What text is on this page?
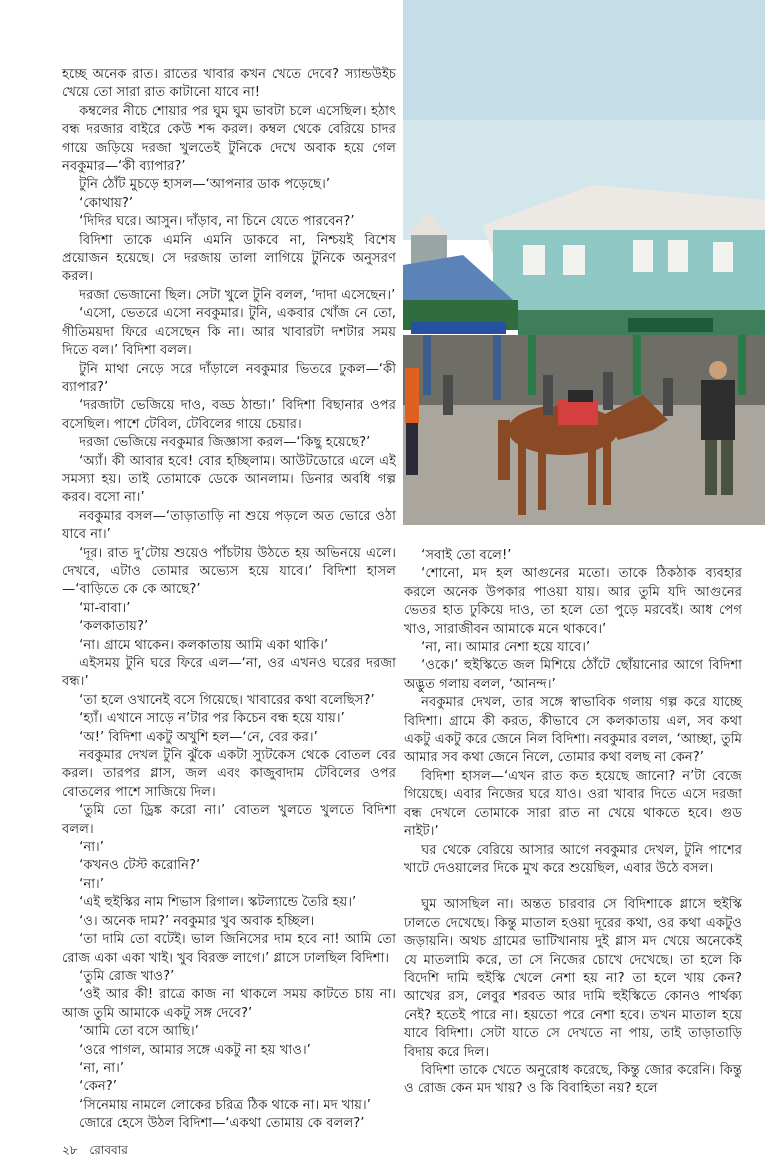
হচ্ছে অনেক রাত। রাতের খাবার কখন খেতে দেবে? স্যান্ডউইচ খেয়ে তো সারা রাত কাটানো যাবে না!

কম্বলের নীচে শোয়ার পর ঘুম ঘুম ভাবটা চলে এসেছিল। হঠাৎ বন্ধ দরজার বাইরে কেউ শব্দ করল। কম্বল থেকে বেরিয়ে চাদর গায়ে জড়িয়ে দরজা খুলতেই টুনিকে দেখে অবাক হয়ে গেল নবকুমার—‘কী ব্যাপার?’

টুনি ঠোঁট মুচড়ে হাসল—‘আপনার ডাক পড়েছে।’

‘কোথায়?’

‘দিদির ঘরে। আসুন। দাঁড়াব, না চিনে যেতে পারবেন?’

বিদিশা তাকে এমনি এমনি ডাকবে না, নিশ্চয়ই বিশেষ প্রয়োজন হয়েছে। সে দরজায় তালা লাগিয়ে টুনিকে অনুসরণ করল।

দরজা ভেজানো ছিল। সেটা খুলে টুনি বলল, ‘দাদা এসেছেন।’

‘এসো, ভেতরে এসো নবকুমার। টুনি, একবার খোঁজ নে তো, গীতিময়দা ফিরে এসেছেন কি না। আর খাবারটা দশটার সময় দিতে বল।’ বিদিশা বলল।

টুনি মাথা নেড়ে সরে দাঁড়ালে নবকুমার ভিতরে ঢুকল—‘কী ব্যাপার?’

‘দরজাটা ভেজিয়ে দাও, বড্ড ঠান্ডা।’ বিদিশা বিছানার ওপর বসেছিল। পাশে টেবিল, টেবিলের গায়ে চেয়ার।

দরজা ভেজিয়ে নবকুমার জিজ্ঞাসা করল—‘কিছু হয়েছে?’

‘অ্যাঁ। কী আবার হবে! বোর হচ্ছিলাম। আউটডোরে এলে এই সমস্যা হয়। তাই তোমাকে ডেকে আনলাম। ডিনার অবধি গল্প করব। বসো না।’

নবকুমার বসল—‘তাড়াতাড়ি না শুয়ে পড়লে অত ভোরে ওঠা যাবে না।’

‘দূর। রাত দু’টোয় শুয়েও পাঁচটায় উঠতে হয় অভিনয়ে এলে। দেখবে, এটাও তোমার অভ্যেস হয়ে যাবে।’ বিদিশা হাসল—‘বাড়িতে কে কে আছে?’

‘মা-বাবা।’

‘কলকাতায়?’

‘না। গ্রামে থাকেন। কলকাতায় আমি একা থাকি।’

এইসময় টুনি ঘরে ফিরে এল—‘না, ওর এখনও ঘরের দরজা বন্ধ।’

‘তা হলে ওখানেই বসে গিয়েছে। খাবারের কথা বলেছিস?’

‘হ্যাঁ। এখানে সাড়ে ন’টার পর কিচেন বন্ধ হয়ে যায়।’

‘অ!’ বিদিশা একটু অখুশি হল—‘নে, বের কর।’

নবকুমার দেখল টুনি ঝুঁকে একটা স্যুটকেস থেকে বোতল বের করল। তারপর গ্লাস, জল এবং কাজুবাদাম টেবিলের ওপর বোতলের পাশে সাজিয়ে দিল।

‘তুমি তো ড্রিঙ্ক করো না।’ বোতল খুলতে খুলতে বিদিশা বলল।

‘না।’

‘কখনও টেস্ট করোনি?’

‘না।’

‘এই হুইস্কির নাম শিভাস রিগাল। স্কটল্যান্ডে তৈরি হয়।’

‘ও। অনেক দাম?’ নবকুমার খুব অবাক হচ্ছিল।

‘তা দামি তো বটেই। ভাল জিনিসের দাম হবে না! আমি তো রোজ একা একা খাই। খুব বিরক্ত লাগে।’ গ্লাসে ঢালছিল বিদিশা।

‘তুমি রোজ খাও?’

‘ওই আর কী! রাত্রে কাজ না থাকলে সময় কাটতে চায় না। আজ তুমি আমাকে একটু সঙ্গ দেবে?’

‘আমি তো বসে আছি।’

‘ওরে পাগল, আমার সঙ্গে একটু না হয় খাও।’

‘না, না।’

‘কেন?’

‘সিনেমায় নামলে লোকের চরিত্র ঠিক থাকে না। মদ খায়।’

জোরে হেসে উঠল বিদিশা—‘একথা তোমায় কে বলল?’

২৮ রোববার

‘সবাই তো বলে!’

‘শোনো, মদ হল আগুনের মতো। তাকে ঠিকঠাক ব্যবহার করলে অনেক উপকার পাওয়া যায়। আর তুমি যদি আগুনের ভেতর হাত ঢুকিয়ে দাও, তা হলে তো পুড়ে মরবেই। আধ পেগ খাও, সারাজীবন আমাকে মনে থাকবে।’

‘না, না। আমার নেশা হয়ে যাবে।’

‘ওকে।’ হুইস্কিতে জল মিশিয়ে ঠোঁটে ছোঁয়ানোর আগে বিদিশা অদ্ভুত গলায় বলল, ‘আনন্দ।’

নবকুমার দেখল, তার সঙ্গে স্বাভাবিক গলায় গল্প করে যাচ্ছে বিদিশা। গ্রামে কী করত, কীভাবে সে কলকাতায় এল, সব কথা একটু একটু করে জেনে নিল বিদিশা। নবকুমার বলল, ‘আচ্ছা, তুমি আমার সব কথা জেনে নিলে, তোমার কথা বলছ না কেন?’

বিদিশা হাসল—‘এখন রাত কত হয়েছে জানো? ন’টা বেজে গিয়েছে। এবার নিজের ঘরে যাও। ওরা খাবার দিতে এসে দরজা বন্ধ দেখলে তোমাকে সারা রাত না খেয়ে থাকতে হবে। গুড নাইট।’

ঘর থেকে বেরিয়ে আসার আগে নবকুমার দেখল, টুনি পাশের খাটে দেওয়ালের দিকে মুখ করে শুয়েছিল, এবার উঠে বসল।

ঘুম আসছিল না। অন্তত চারবার সে বিদিশাকে গ্লাসে হুইস্কি ঢালতে দেখেছে। কিন্তু মাতাল হওয়া দূরের কথা, ওর কথা একটুও জড়ায়নি। অথচ গ্রামের ভাটিখানায় দুই গ্লাস মদ খেয়ে অনেকেই যে মাতলামি করে, তা সে নিজের চোখে দেখেছে। তা হলে কি বিদেশি দামি হুইস্কি খেলে নেশা হয় না? তা হলে খায় কেন? আখের রস, লেবুর শরবত আর দামি হুইস্কিতে কোনও পার্থক্য নেই? হতেই পারে না। হয়তো পরে নেশা হবে। তখন মাতাল হয়ে যাবে বিদিশা। সেটা যাতে সে দেখতে না পায়, তাই তাড়াতাড়ি বিদায় করে দিল।

বিদিশা তাকে খেতে অনুরোধ করেছে, কিন্তু জোর করেনি। কিন্তু ও রোজ কেন মদ খায়? ও কি বিবাহিতা নয়? হলে
